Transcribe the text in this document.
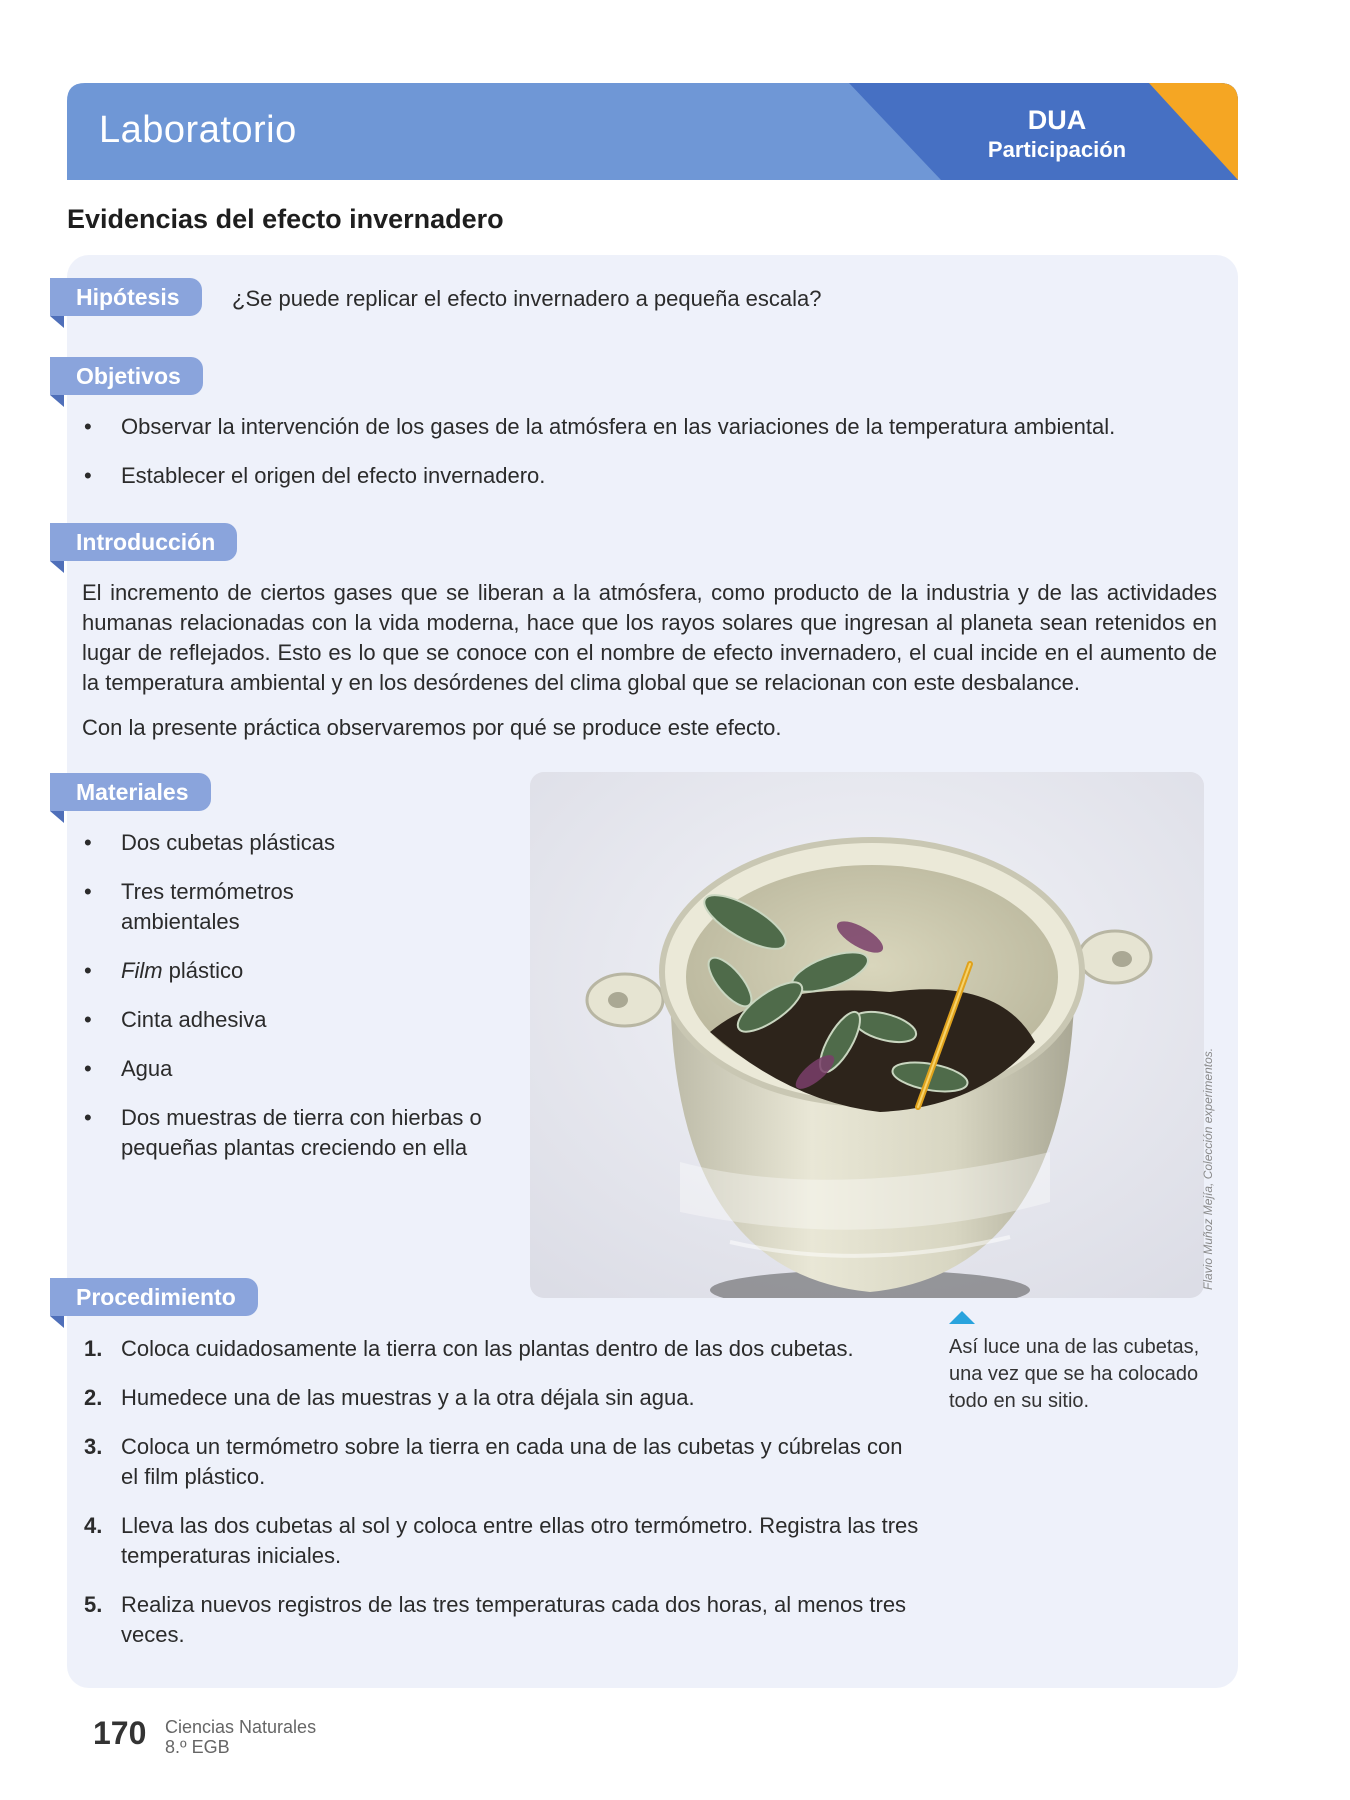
Laboratorio	DUA
Participación
Evidencias del efecto invernadero
Hipótesis	¿Se puede replicar el efecto invernadero a pequeña escala?
Objetivos
• Observar la intervención de los gases de la atmósfera en las variaciones de la temperatura ambiental.
• Establecer el origen del efecto invernadero.
Introducción
El incremento de ciertos gases que se liberan a la atmósfera, como producto de la industria y de las actividades humanas relacionadas con la vida moderna, hace que los rayos solares que ingresan al planeta sean retenidos en lugar de reflejados. Esto es lo que se conoce con el nombre de efecto invernadero, el cual incide en el aumento de la temperatura ambiental y en los desórdenes del clima global que se relacionan con este desbalance.
Con la presente práctica observaremos por qué se produce este efecto.
Materiales
• Dos cubetas plásticas
• Tres termómetros ambientales
• Film plástico
• Cinta adhesiva
• Agua
• Dos muestras de tierra con hierbas o pequeñas plantas creciendo en ella	Flavio Muñoz Mejía, Colección experimentos.
Así luce una de las cubetas, una vez que se ha colocado todo en su sitio.
Procedimiento
1. Coloca cuidadosamente la tierra con las plantas dentro de las dos cubetas.
2. Humedece una de las muestras y a la otra déjala sin agua.
3. Coloca un termómetro sobre la tierra en cada una de las cubetas y cúbrelas con el film plástico.
4. Lleva las dos cubetas al sol y coloca entre ellas otro termómetro. Registra las tres temperaturas iniciales.
5. Realiza nuevos registros de las tres temperaturas cada dos horas, al menos tres veces.
170 Ciencias Naturales
8.º EGB
